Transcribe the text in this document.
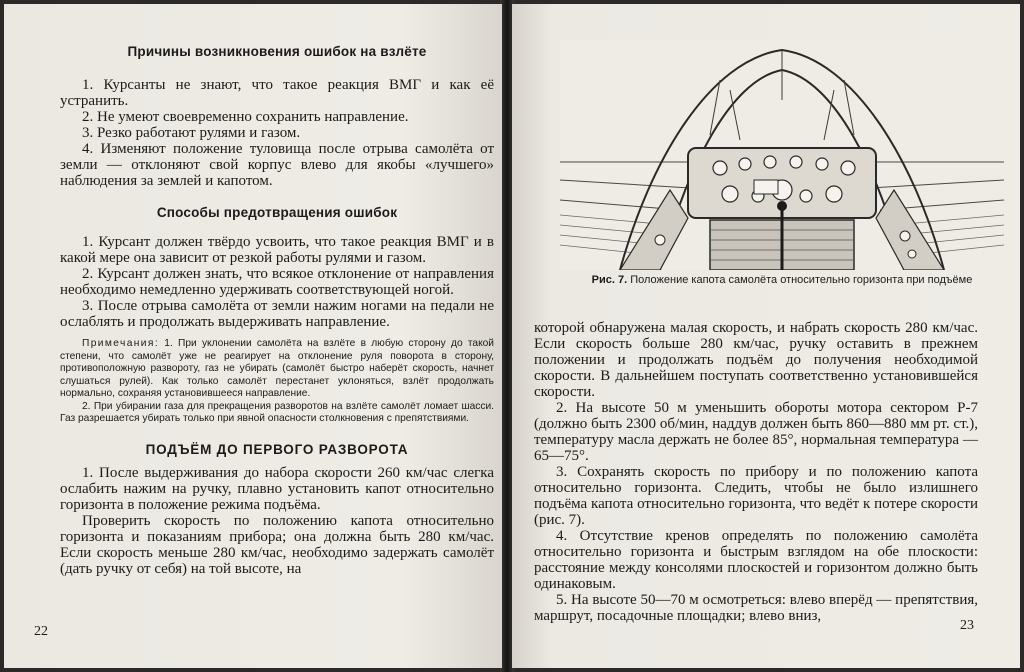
Причины возникновения ошибок на взлёте

1. Курсанты не знают, что такое реакция ВМГ и как её устранить.

2. Не умеют своевременно сохранить направление.

3. Резко работают рулями и газом.

4. Изменяют положение туловища после отрыва самолёта от земли — отклоняют свой корпус влево для якобы «лучшего» наблюдения за землей и капотом.

Способы предотвращения ошибок

1. Курсант должен твёрдо усвоить, что такое реакция ВМГ и в какой мере она зависит от резкой работы рулями и газом.

2. Курсант должен знать, что всякое отклонение от направления необходимо немедленно удерживать соответствующей ногой.

3. После отрыва самолёта от земли нажим ногами на педали не ослаблять и продолжать выдерживать направление.

Примечания: 1. При уклонении самолёта на взлёте в любую сторону до такой степени, что самолёт уже не реагирует на отклонение руля поворота в сторону, противоположную развороту, газ не убирать (самолёт быстро наберёт скорость, начнет слушаться рулей). Как только самолёт перестанет уклоняться, взлёт продолжать нормально, сохраняя установившееся направление.

2. При убирании газа для прекращения разворотов на взлёте самолёт ломает шасси. Газ разрешается убирать только при явной опасности столкновения с препятствиями.

ПОДЪЁМ ДО ПЕРВОГО РАЗВОРОТА

1. После выдерживания до набора скорости 260 км/час слегка ослабить нажим на ручку, плавно установить капот относительно горизонта в положение режима подъёма.

Проверить скорость по положению капота относительно горизонта и показаниям прибора; она должна быть 280 км/час. Если скорость меньше 280 км/час, необходимо задержать самолёт (дать ручку от себя) на той высоте, на

22
Рис. 7. Положение капота самолёта относительно горизонта при подъёме

которой обнаружена малая скорость, и набрать скорость 280 км/час. Если скорость больше 280 км/час, ручку оставить в прежнем положении и продолжать подъём до получения необходимой скорости. В дальнейшем поступать соответственно установившейся скорости.

2. На высоте 50 м уменьшить обороты мотора сектором Р-7 (должно быть 2300 об/мин, наддув должен быть 860—880 мм рт. ст.), температуру масла держать не более 85°, нормальная температура — 65—75°.

3. Сохранять скорость по прибору и по положению капота относительно горизонта. Следить, чтобы не было излишнего подъёма капота относительно горизонта, что ведёт к потере скорости (рис. 7).

4. Отсутствие кренов определять по положению самолёта относительно горизонта и быстрым взглядом на обе плоскости: расстояние между консолями плоскостей и горизонтом должно быть одинаковым.

5. На высоте 50—70 м осмотреться: влево вперёд — препятствия, маршрут, посадочные площадки; влево вниз,

23
